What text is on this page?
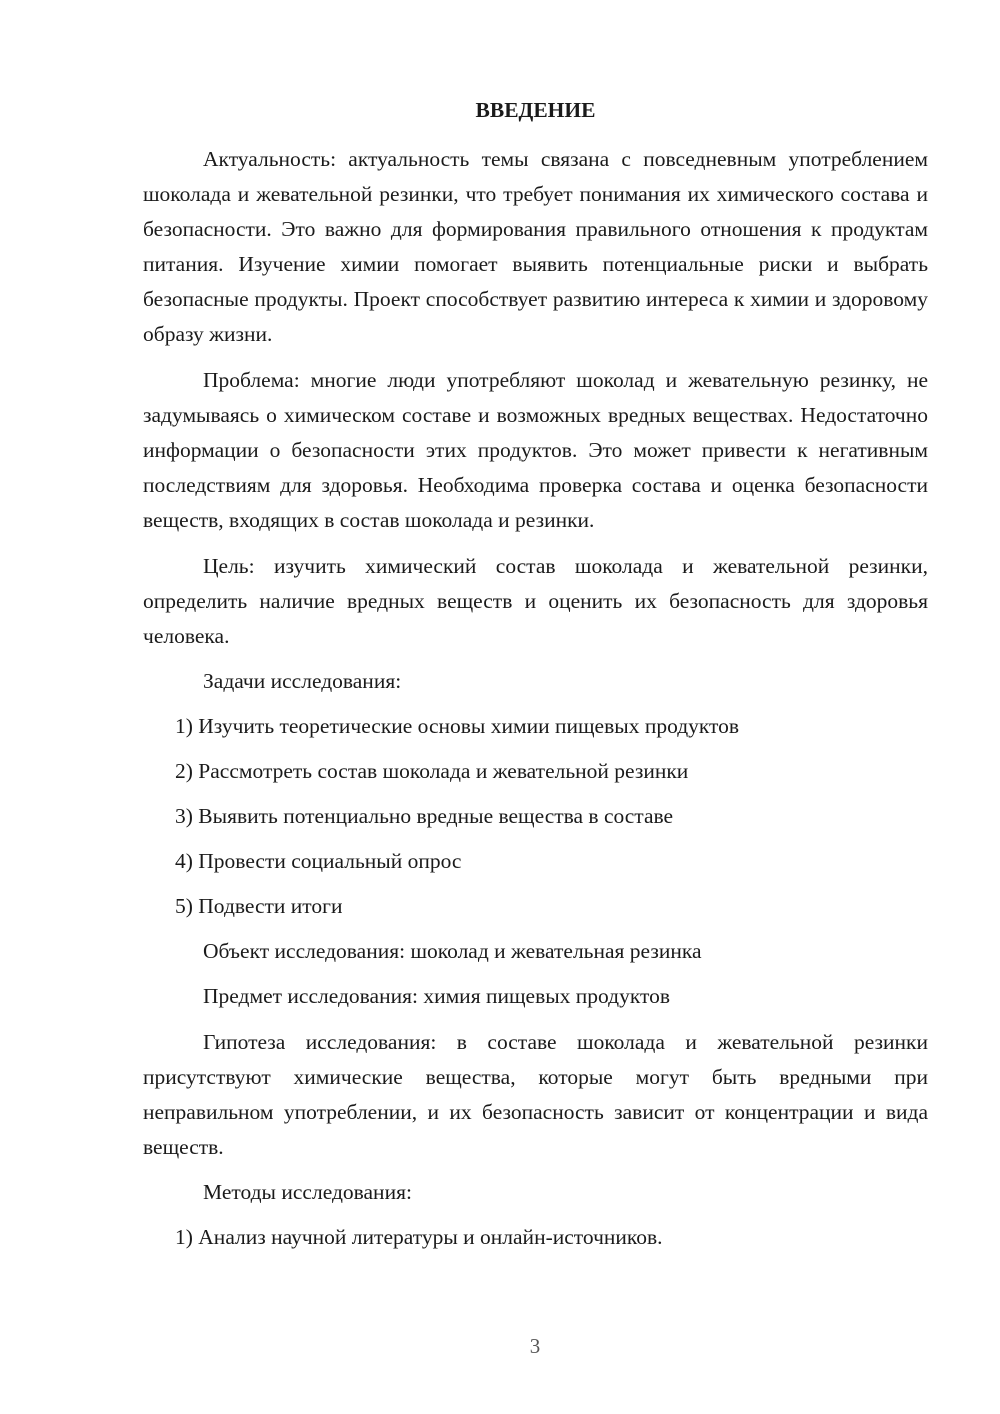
ВВЕДЕНИЕ

Актуальность: актуальность темы связана с повседневным употреблением шоколада и жевательной резинки, что требует понимания их химического состава и безопасности. Это важно для формирования правильного отношения к продуктам питания. Изучение химии помогает выявить потенциальные риски и выбрать безопасные продукты. Проект способствует развитию интереса к химии и здоровому образу жизни.

Проблема: многие люди употребляют шоколад и жевательную резинку, не задумываясь о химическом составе и возможных вредных веществах. Недостаточно информации о безопасности этих продуктов. Это может привести к негативным последствиям для здоровья. Необходима проверка состава и оценка безопасности веществ, входящих в состав шоколада и резинки.

Цель: изучить химический состав шоколада и жевательной резинки, определить наличие вредных веществ и оценить их безопасность для здоровья человека.

Задачи исследования:

1) Изучить теоретические основы химии пищевых продуктов

2) Рассмотреть состав шоколада и жевательной резинки

3) Выявить потенциально вредные вещества в составе

4) Провести социальный опрос

5) Подвести итоги

Объект исследования: шоколад и жевательная резинка

Предмет исследования: химия пищевых продуктов

Гипотеза исследования: в составе шоколада и жевательной резинки присутствуют химические вещества, которые могут быть вредными при неправильном употреблении, и их безопасность зависит от концентрации и вида веществ.

Методы исследования:

1) Анализ научной литературы и онлайн-источников.

3
